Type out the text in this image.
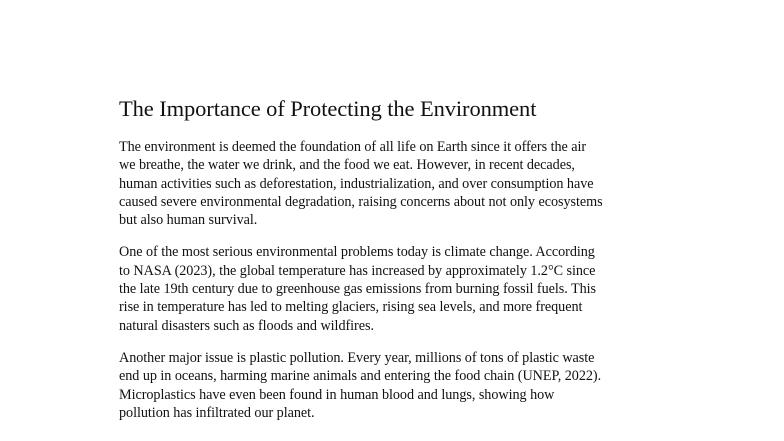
The Importance of Protecting the Environment
The environment is deemed the foundation of all life on Earth since it offers the air
we breathe, the water we drink, and the food we eat. However, in recent decades,
human activities such as deforestation, industrialization, and over consumption have
caused severe environmental degradation, raising concerns about not only ecosystems
but also human survival.
One of the most serious environmental problems today is climate change. According
to NASA (2023), the global temperature has increased by approximately 1.2°C since
the late 19th century due to greenhouse gas emissions from burning fossil fuels. This
rise in temperature has led to melting glaciers, rising sea levels, and more frequent
natural disasters such as floods and wildfires.
Another major issue is plastic pollution. Every year, millions of tons of plastic waste
end up in oceans, harming marine animals and entering the food chain (UNEP, 2022).
Microplastics have even been found in human blood and lungs, showing how
pollution has infiltrated our planet.
